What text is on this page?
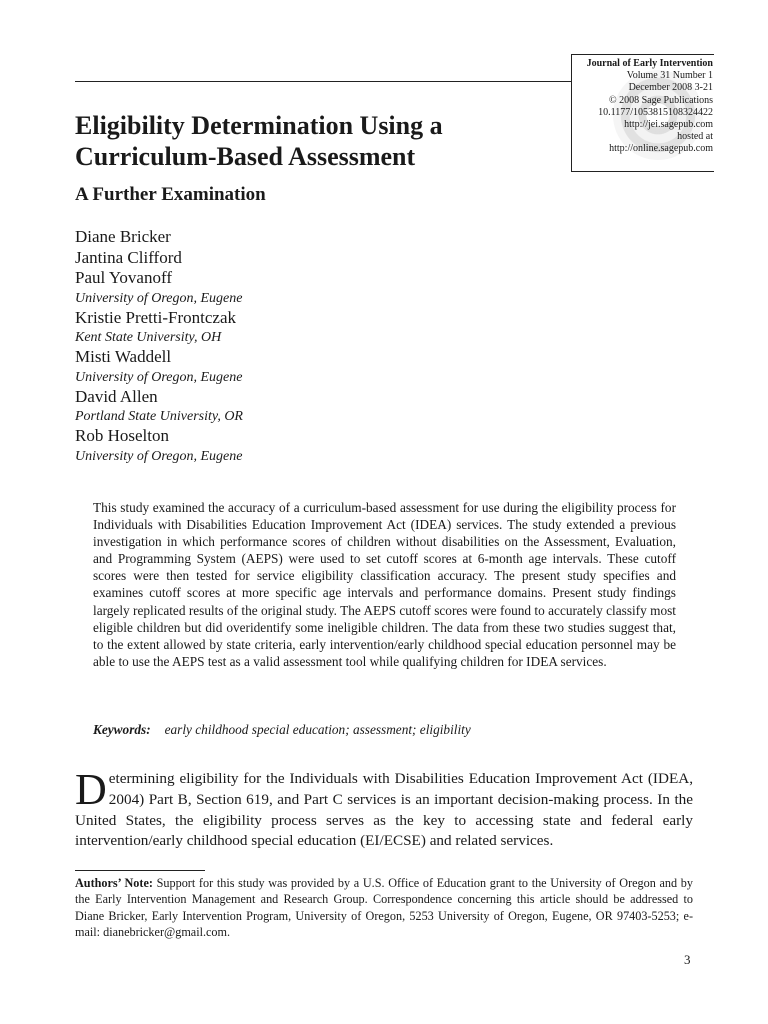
Journal of Early Intervention
Volume 31 Number 1
December 2008 3-21
© 2008 Sage Publications
10.1177/1053815108324422
http://jei.sagepub.com
hosted at
http://online.sagepub.com
Eligibility Determination Using a
Curriculum-Based Assessment
A Further Examination
Diane Bricker
Jantina Clifford
Paul Yovanoff
University of Oregon, Eugene
Kristie Pretti-Frontczak
Kent State University, OH
Misti Waddell
University of Oregon, Eugene
David Allen
Portland State University, OR
Rob Hoselton
University of Oregon, Eugene

This study examined the accuracy of a curriculum-based assessment for use during the eligibility process for Individuals with Disabilities Education Improvement Act (IDEA) services. The study extended a previous investigation in which performance scores of children without disabilities on the Assessment, Evaluation, and Programming System (AEPS) were used to set cutoff scores at 6-month age intervals. These cutoff scores were then tested for service eligibility classification accuracy. The present study specifies and examines cutoff scores at more specific age intervals and performance domains. Present study findings largely replicated results of the original study. The AEPS cutoff scores were found to accurately classify most eligible children but did overidentify some ineligible children. The data from these two studies suggest that, to the extent allowed by state criteria, early intervention/early childhood special education personnel may be able to use the AEPS test as a valid assessment tool while qualifying children for IDEA services.

Keywords: early childhood special education; assessment; eligibility

Determining eligibility for the Individuals with Disabilities Education Improvement Act (IDEA, 2004) Part B, Section 619, and Part C services is an important decision-making process. In the United States, the eligibility process serves as the key to accessing state and federal early intervention/early childhood special education (EI/ECSE) and related services.

Authors’ Note: Support for this study was provided by a U.S. Office of Education grant to the University of Oregon and by the Early Intervention Management and Research Group. Correspondence concerning this article should be addressed to Diane Bricker, Early Intervention Program, University of Oregon, 5253 University of Oregon, Eugene, OR 97403-5253; e-mail: dianebricker@gmail.com.

3
